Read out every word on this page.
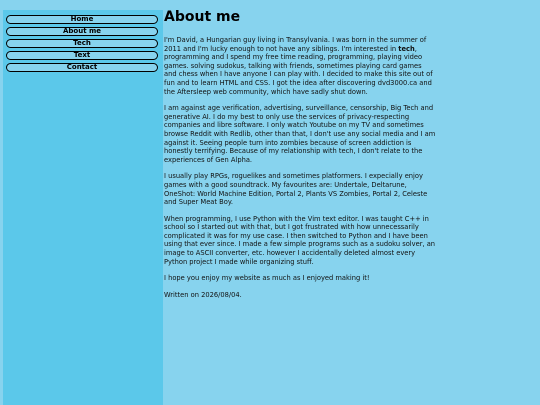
Home
About me
Tech
Text
Contact
About me

I'm David, a Hungarian guy living in Transylvania. I was born in the summer of 2011 and I'm lucky enough to not have any siblings. I'm interested in tech, programming and I spend my free time reading, programming, playing video games. solving sudokus, talking with friends, sometimes playing card games and chess when I have anyone I can play with. I decided to make this site out of fun and to learn HTML and CSS. I got the idea after discovering dvd3000.ca and the Aftersleep web community, which have sadly shut down.

I am against age verification, advertising, surveillance, censorship, Big Tech and generative AI. I do my best to only use the services of privacy-respecting companies and libre software. I only watch Youtube on my TV and sometimes browse Reddit with Redlib, other than that, I don't use any social media and I am against it. Seeing people turn into zombies because of screen addiction is honestly terrifying. Because of my relationship with tech, I don't relate to the experiences of Gen Alpha.

I usually play RPGs, roguelikes and sometimes platformers. I expecially enjoy games with a good soundtrack. My favourites are: Undertale, Deltarune, OneShot: World Machine Edition, Portal 2, Plants VS Zombies, Portal 2, Celeste and Super Meat Boy.

When programming, I use Python with the Vim text editor. I was taught C++ in school so I started out with that, but I got frustrated with how unnecessarily complicated it was for my use case. I then switched to Python and I have been using that ever since. I made a few simple programs such as a sudoku solver, an image to ASCII converter, etc. however I accidentally deleted almost every Python project I made while organizing stuff.

I hope you enjoy my website as much as I enjoyed making it!

Written on 2026/08/04.
